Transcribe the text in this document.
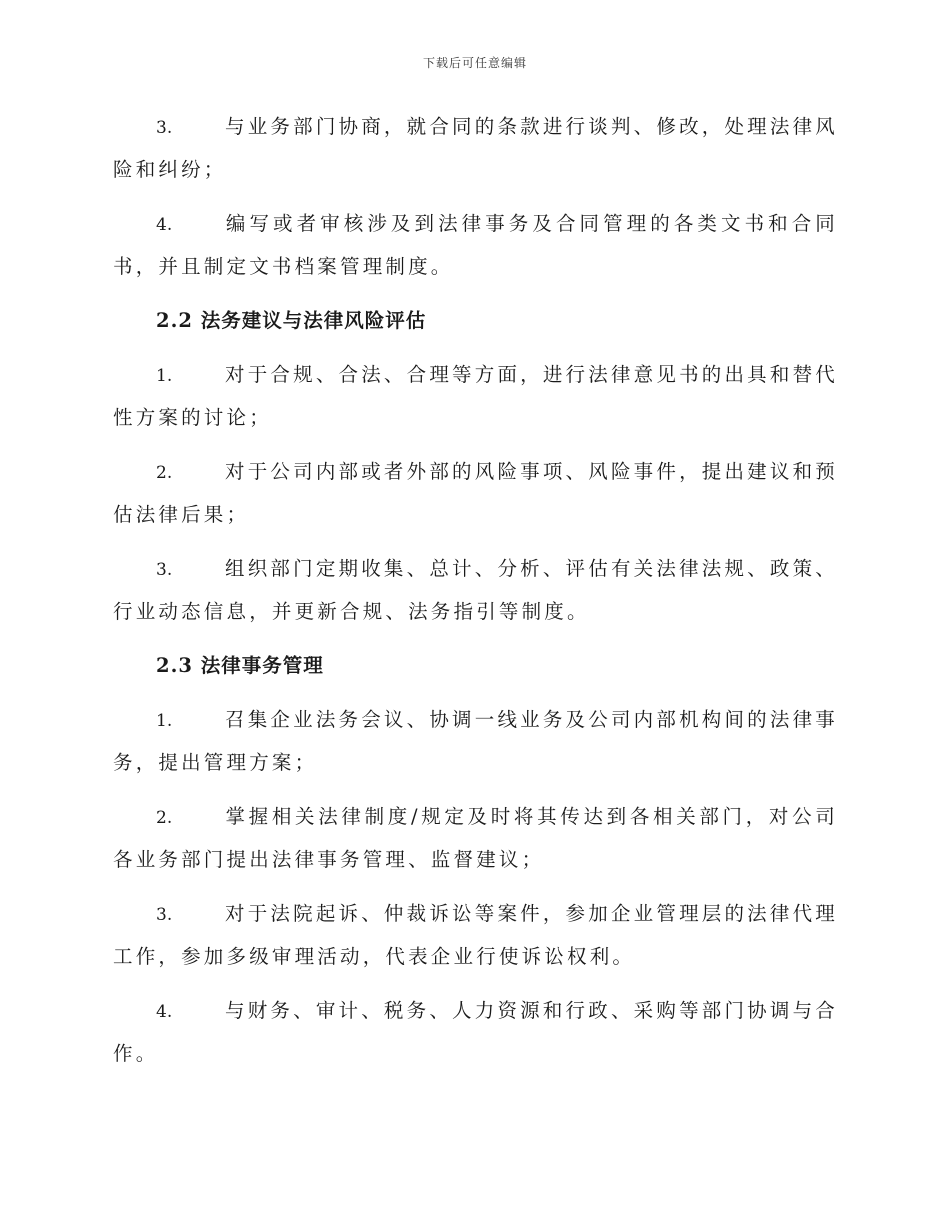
下载后可任意编辑
3.	与业务部门协商，就合同的条款进行谈判、修改，处理法律风险和纠纷；
4.	编写或者审核涉及到法律事务及合同管理的各类文书和合同书，并且制定文书档案管理制度。
2.2 法务建议与法律风险评估
1.	对于合规、合法、合理等方面，进行法律意见书的出具和替代性方案的讨论；
2.	对于公司内部或者外部的风险事项、风险事件，提出建议和预估法律后果；
3.	组织部门定期收集、总计、分析、评估有关法律法规、政策、行业动态信息，并更新合规、法务指引等制度。
2.3 法律事务管理
1.	召集企业法务会议、协调一线业务及公司内部机构间的法律事务，提出管理方案；
2.	掌握相关法律制度/规定及时将其传达到各相关部门，对公司各业务部门提出法律事务管理、监督建议；
3.	对于法院起诉、仲裁诉讼等案件，参加企业管理层的法律代理工作，参加多级审理活动，代表企业行使诉讼权利。
4.	与财务、审计、税务、人力资源和行政、采购等部门协调与合作。
